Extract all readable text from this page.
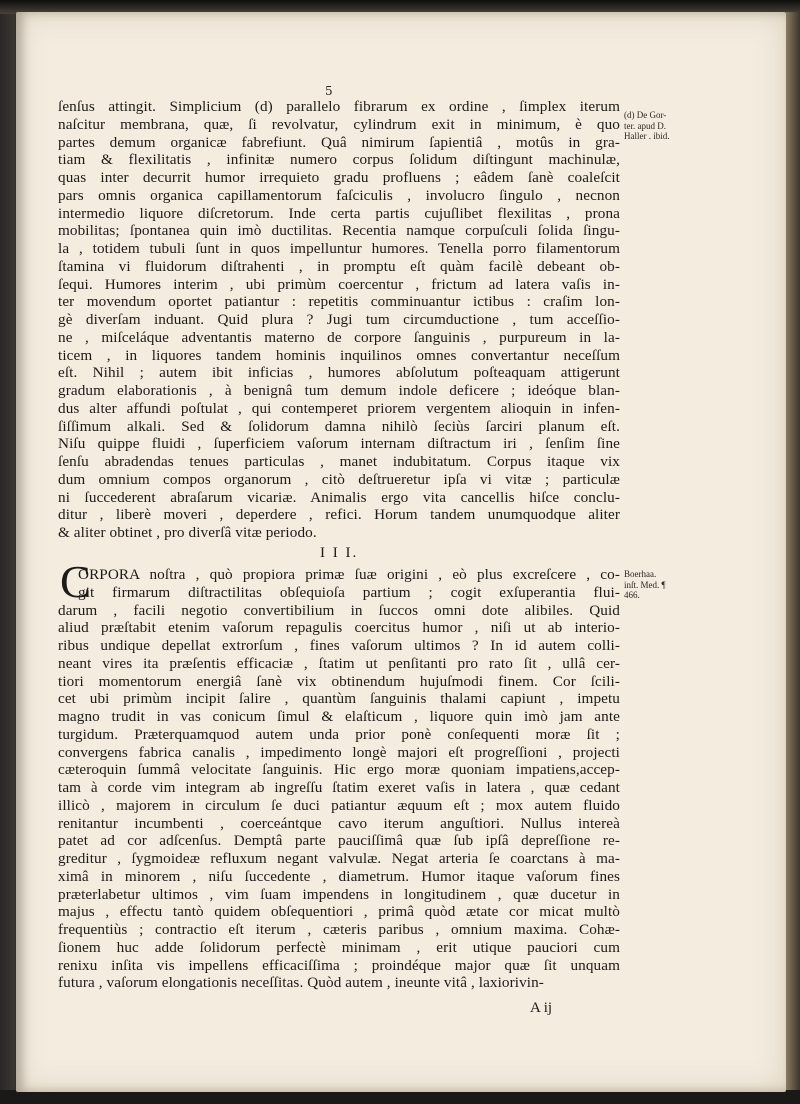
5
ſenſus attingit. Simplicium (d) parallelo fibrarum ex ordine , ſimplex iterum
naſcitur membrana, quæ, ſi revolvatur, cylindrum exit in minimum, è quo
partes demum organicæ fabrefiunt. Quâ nimirum ſapientiâ , motûs in gra-
tiam & flexilitatis , infinitæ numero corpus ſolidum diſtingunt machinulæ,
quas inter decurrit humor irrequieto gradu profluens ; eâdem ſanè coaleſcit
pars omnis organica capillamentorum faſciculis , involucro ſingulo , necnon
intermedio liquore diſcretorum. Inde certa partis cujuſlibet flexilitas , prona
mobilitas; ſpontanea quin imò ductilitas. Recentia namque corpuſculi ſolida ſingu-
la , totidem tubuli ſunt in quos impelluntur humores. Tenella porro filamentorum
ſtamina vi fluidorum diſtrahenti , in promptu eſt quàm facilè debeant ob-
ſequi. Humores interim , ubi primùm coercentur , frictum ad latera vaſis in-
ter movendum oportet patiantur : repetitis comminuantur ictibus : craſim lon-
gè diverſam induant. Quid plura ? Jugi tum circumductione , tum acceſſio-
ne , miſceláque adventantis materno de corpore ſanguinis , purpureum in la-
ticem , in liquores tandem hominis inquilinos omnes convertantur neceſſum
eſt. Nihil ; autem ibit inficias , humores abſolutum poſteaquam attigerunt
gradum elaborationis , à benignâ tum demum indole deficere ; ideóque blan-
dus alter affundi poſtulat , qui contemperet priorem vergentem alioquin in infen-
ſiſſimum alkali. Sed & ſolidorum damna nihilò ſeciùs ſarciri planum eſt.
Niſu quippe fluidi , ſuperficiem vaſorum internam diſtractum iri , ſenſim ſine
ſenſu abradendas tenues particulas , manet indubitatum. Corpus itaque vix
dum omnium compos organorum , citò deſtrueretur ipſa vi vitæ ; particulæ
ni ſuccederent abraſarum vicariæ. Animalis ergo vita cancellis hiſce conclu-
ditur , liberè moveri , deperdere , refici. Horum tandem unumquodque aliter
& aliter obtinet , pro diverſâ vitæ periodo.
I I I.
C
ORPORA noſtra , quò propiora primæ ſuæ origini , eò plus excreſcere , co-
git firmarum diſtractilitas obſequioſa partium ; cogit exſuperantia flui-
darum , facili negotio convertibilium in ſuccos omni dote alibiles. Quid
aliud præſtabit etenim vaſorum repagulis coercitus humor , niſi ut ab interio-
ribus undique depellat extrorſum , fines vaſorum ultimos ? In id autem colli-
neant vires ita præſentis efficaciæ , ſtatim ut penſitanti pro rato ſit , ullâ cer-
tiori momentorum energiâ ſanè vix obtinendum hujuſmodi finem. Cor ſcili-
cet ubi primùm incipit ſalire , quantùm ſanguinis thalami capiunt , impetu
magno trudit in vas conicum ſimul & elaſticum , liquore quin imò jam ante
turgidum. Præterquamquod autem unda prior ponè conſequenti moræ ſit ;
convergens fabrica canalis , impedimento longè majori eſt progreſſioni , projecti
cæteroquin ſummâ velocitate ſanguinis. Hic ergo moræ quoniam impatiens,accep-
tam à corde vim integram ab ingreſſu ſtatim exeret vaſis in latera , quæ cedant
illicò , majorem in circulum ſe duci patiantur æquum eſt ; mox autem fluido
renitantur incumbenti , coerceántque cavo iterum anguſtiori. Nullus intereà
patet ad cor adſcenſus. Demptâ parte pauciſſimâ quæ ſub ipſâ depreſſione re-
greditur , ſygmoideæ refluxum negant valvulæ. Negat arteria ſe coarctans à ma-
ximâ in minorem , niſu ſuccedente , diametrum. Humor itaque vaſorum fines
præterlabetur ultimos , vim ſuam impendens in longitudinem , quæ ducetur in
majus , effectu tantò quidem obſequentiori , primâ quòd ætate cor micat multò
frequentiùs ; contractio eſt iterum , cæteris paribus , omnium maxima. Cohæ-
ſionem huc adde ſolidorum perfectè minimam , erit utique pauciori cum
renixu inſita vis impellens efficaciſſima ; proindéque major quæ ſit unquam
futura , vaſorum elongationis neceſſitas. Quòd autem , ineunte vitâ , laxiorivin-
(d) De Gor-
ter. apud D.
Haller . ibid.
Boerhaa.
inſt. Med. ¶
466.
A ij
